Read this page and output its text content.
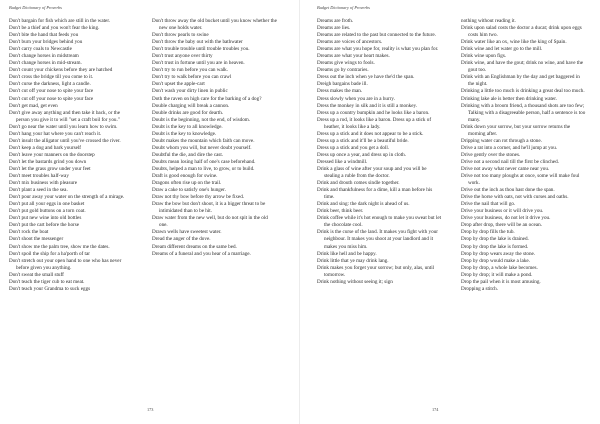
Budget Dictionary of Proverbs
Don't bargain for fish which are still in the water.
Don't be a thief and you won't fear the king.
Don't bite the hand that feeds you
Don't burn your bridges behind you
Don't carry coals to Newcastle
Don't change horses in midstream
Don't change horses in mid-stream.
Don't count your chickens before they are hatched
Don't cross the bridge till you come to it.
Don't curse the darkness, light a candle.
Don't cut off your nose to spite your face
Don't cut off your nose to spite your face
Don't get mad, get even
Don't give away anything and then take it back, or the person you give it to will "set a craft boil for you."
Don't go near the water until you learn how to swim.
Don't hang your hat where you can't reach it.
Don't insult the alligator until you've crossed the river.
Don't keep a dog and bark yourself
Don't leave your manners on the doorstep
Don't let the bastards grind you down
Don't let the grass grow under your feet
Don't meet troubles half-way
Don't mix business with pleasure
Don't plant a seed in the sea.
Don't pour away your water on the strength of a mirage.
Don't put all your eggs in one basket
Don't put gold buttons on a torn coat.
Don't put new wine into old bottles
Don't put the cart before the horse
Don't rock the boat
Don't shoot the messenger
Don't show me the palm tree, show me the dates.
Don't spoil the ship for a ha'porth of tar
Don't stretch out your open hand to one who has never before given you anything.
Don't sweat the small stuff
Don't teach the tiger cub to eat meat.
Don't teach your Grandma to suck eggs
Don't throw away the old bucket until you know whether the new one holds water.
Don't throw pearls to swine
Don't throw the baby out with the bathwater
Don't trouble trouble until trouble troubles you.
Don't trust anyone over thirty
Don't trust in fortune until you are in heaven.
Don't try to run before you can walk.
Don't try to walk before you can crawl
Don't upset the apple-cart
Don't wash your dirty linen in public
Doth the raven on high care for the barking of a dog?
Double charging will break a cannon.
Double drinks are good for dearth.
Doubt is the beginning, not the end, of wisdom.
Doubt is the key to all knowledge.
Doubt is the key to knowledge.
Doubt makes the mountain which faith can move.
Doubt whom you will, but never doubt yourself.
Doubtful the die, and dire the cast.
Doubts mean losing half of one's case beforehand.
Doubts, helped a man to live, to grow, or to build.
Draft is good enough for swine.
Dragons often rise up on the trail.
Draw a cake to satisfy one's hunger.
Draw not thy bow before thy arrow be fixed.
Draw the bow but don't shoot, it is a bigger threat to be intimidated than to be hit.
Draw water from the new well, but do not spit in the old one.
Drawn wells have sweetest water.
Dread the anger of the dove.
Dream different dreams on the same bed.
Dreams of a funeral and you hear of a marriage.
173
Budget Dictionary of Proverbs
Dreams are froth.
Dreams are lies.
Dreams are related to the past but connected to the future.
Dreams are voices of ancestors.
Dreams are what you hope for, reality is what you plan for.
Dreams are what your heart makes.
Dreams give wings to fools.
Dreams go by contraries.
Dress out the inch when ye have the'd the span.
Dreigh bargains bade ill.
Dress makes the man.
Dress slowly when you are in a hurry.
Dress the monkey in silk and it is still a monkey.
Dress up a country bumpkin and he looks like a baron.
Dress up a rod, it looks like a baron. Dress up a stick of heather, it looks like a lady.
Dress up a stick and it does not appear to be a stick.
Dress up a stick and it'll be a beautiful bride.
Dress up a stick and you get a doll.
Dress up once a year, and dress up in cloth.
Dressed like a windmill.
Drink a glass of wine after your soup and you will be stealing a ruble from the doctor.
Drink and drouth comes sindle together.
Drink and thankfulness for a dime, kill a man before his time.
Drink and sing: the dark night is ahead of us.
Drink beer, think beer.
Drink coffee while it's hot enough to make you sweat but let the chocolate cool.
Drink is the curse of the land. It makes you fight with your neighbour. It makes you shoot at your landlord and it makes you miss him.
Drink like hell and be happy.
Drink little that ye may drink lang.
Drink makes you forget your sorrow; but only, alas, until tomorrow.
Drink nothing without seeing it; sign
nothing without reading it.
Drink upon salad costs the doctor a ducat; drink upon eggs costs him two.
Drink water like an ox, wine like the king of Spain.
Drink wine and let water go to the mill.
Drink wine upon figs.
Drink wine, and have the gout; drink no wine, and have the gout too.
Drink with an Englishman by the day and get baggered in the night.
Drinking a little too much is drinking a great deal too much.
Drinking lake ale is better then drinking water.
Drinking with a broom friend, a thousand shots are too few; Talking with a disagreeable person, half a sentence is too many.
Drink down your sorrow, but your sorrow returns the morning after.
Dripping water can rot through a stone.
Drive a rat into a corner, and he'll jump at you.
Drive gently over the stones.
Drive not a second nail till the first be clinched.
Drive not away what never came near you.
Drive not too many ploughs at once, some will make foul work.
Drive out the inch as thou hast done the span.
Drive the horse with oats, not with curses and oaths.
Drive the nail that will go.
Drive your business or it will drive you.
Drive your business, do not let it drive you.
Drop after drop, there will be an ocean.
Drop by drop fills the tub.
Drop by drop the lake is drained.
Drop by drop the lake is formed.
Drop by drop wears away the stone.
Drop by drop would make a lake.
Drop by drop, a whole lake becomes.
Drop by drop; it will make a pond.
Drop the pail when it is most amusing.
Dropping a stitch.
174
